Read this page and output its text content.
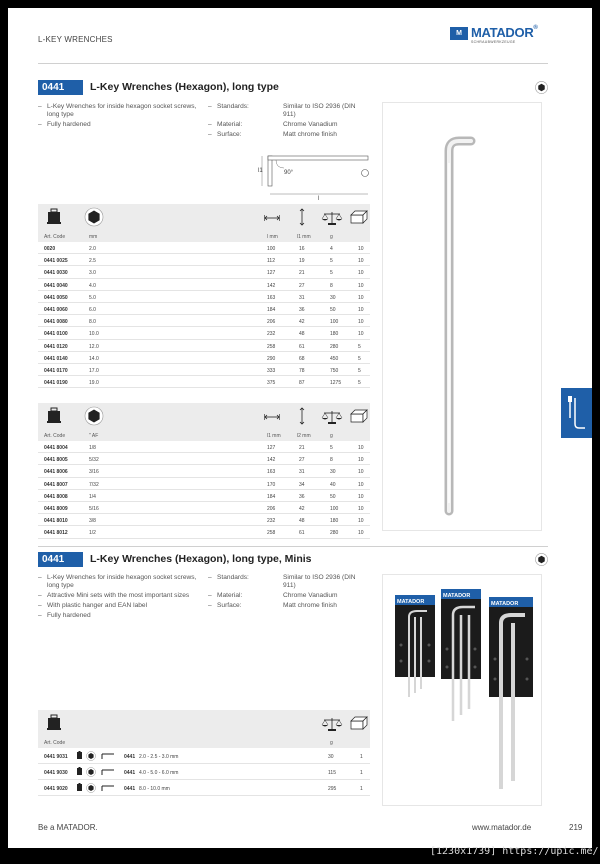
L-KEY WRENCHES
M MATADOR®
SCHRAUBWERKZEUGE
0441	L-Key Wrenches (Hexagon), long type
– L-Key Wrenches for inside hexagon socket screws, long type
– Fully hardened
– Standards:	Similar to ISO 2936 (DIN 911)
– Material:	Chrome Vanadium
– Surface:	Matt chrome finish
l1	90°
l
Art. Code	mm	l mm	l1 mm	g
0020	2.0	100	16	4	10
0441 0025	2.5	112	19	5	10
0441 0030	3.0	127	21	5	10
0441 0040	4.0	142	27	8	10
0441 0050	5.0	163	31	30	10
0441 0060	6.0	184	36	50	10
0441 0080	8.0	206	42	100	10
0441 0100	10.0	232	48	180	10
0441 0120	12.0	258	61	280	5
0441 0140	14.0	290	68	450	5
0441 0170	17.0	333	78	750	5
0441 0190	19.0	375	87	1275	5
Art. Code	" AF	l1 mm	l2 mm	g
0441 8004	1/8	127	21	5	10
0441 8005	5/32	142	27	8	10
0441 8006	3/16	163	31	30	10
0441 8007	7/32	170	34	40	10
0441 8008	1/4	184	36	50	10
0441 8009	5/16	206	42	100	10
0441 8010	3/8	232	48	180	10
0441 8012	1/2	258	61	280	10
0441	L-Key Wrenches (Hexagon), long type, Minis
– L-Key Wrenches for inside hexagon socket screws, long type
– Attractive Mini sets with the most important sizes
– With plastic hanger and EAN label
– Fully hardened
– Standards:	Similar to ISO 2936 (DIN 911)
– Material:	Chrome Vanadium
– Surface:	Matt chrome finish	MATADOR
MATADOR
MATADOR
Art. Code	g
0441 9031	0441 2.0 - 2.5 - 3.0 mm	30	1
0441 9030	0441 4.0 - 5.0 - 6.0 mm	115	1
0441 9020	0441 8.0 - 10.0 mm	295	1
Be a MATADOR.	www.matador.de	219
[1230x1739] https://upic.me/
